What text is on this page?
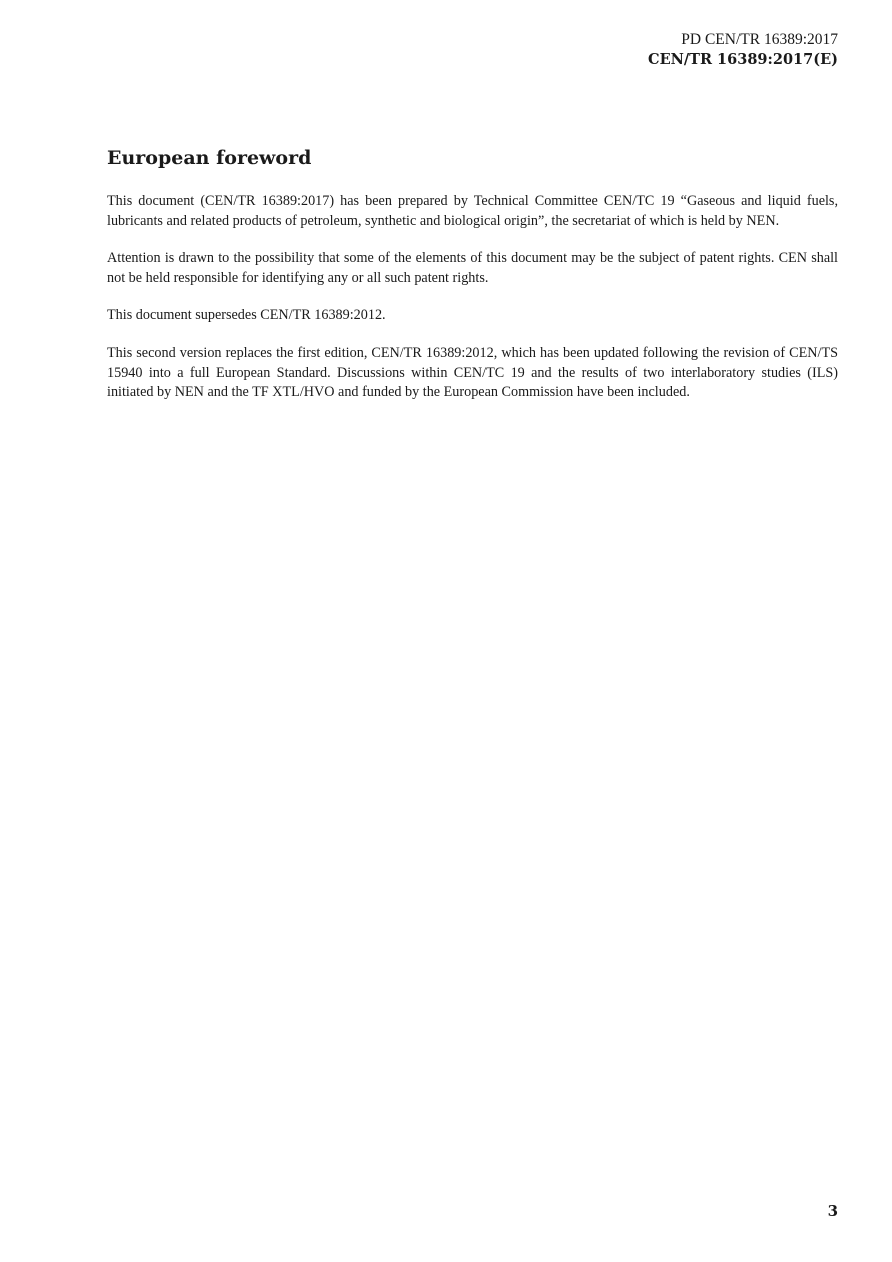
PD CEN/TR 16389:2017
CEN/TR 16389:2017(E)
European foreword

This document (CEN/TR 16389:2017) has been prepared by Technical Committee CEN/TC 19 “Gaseous and liquid fuels, lubricants and related products of petroleum, synthetic and biological origin”, the secretariat of which is held by NEN.

Attention is drawn to the possibility that some of the elements of this document may be the subject of patent rights. CEN shall not be held responsible for identifying any or all such patent rights.

This document supersedes CEN/TR 16389:2012.

This second version replaces the first edition, CEN/TR 16389:2012, which has been updated following the revision of CEN/TS 15940 into a full European Standard. Discussions within CEN/TC 19 and the results of two interlaboratory studies (ILS) initiated by NEN and the TF XTL/HVO and funded by the European Commission have been included.

3
